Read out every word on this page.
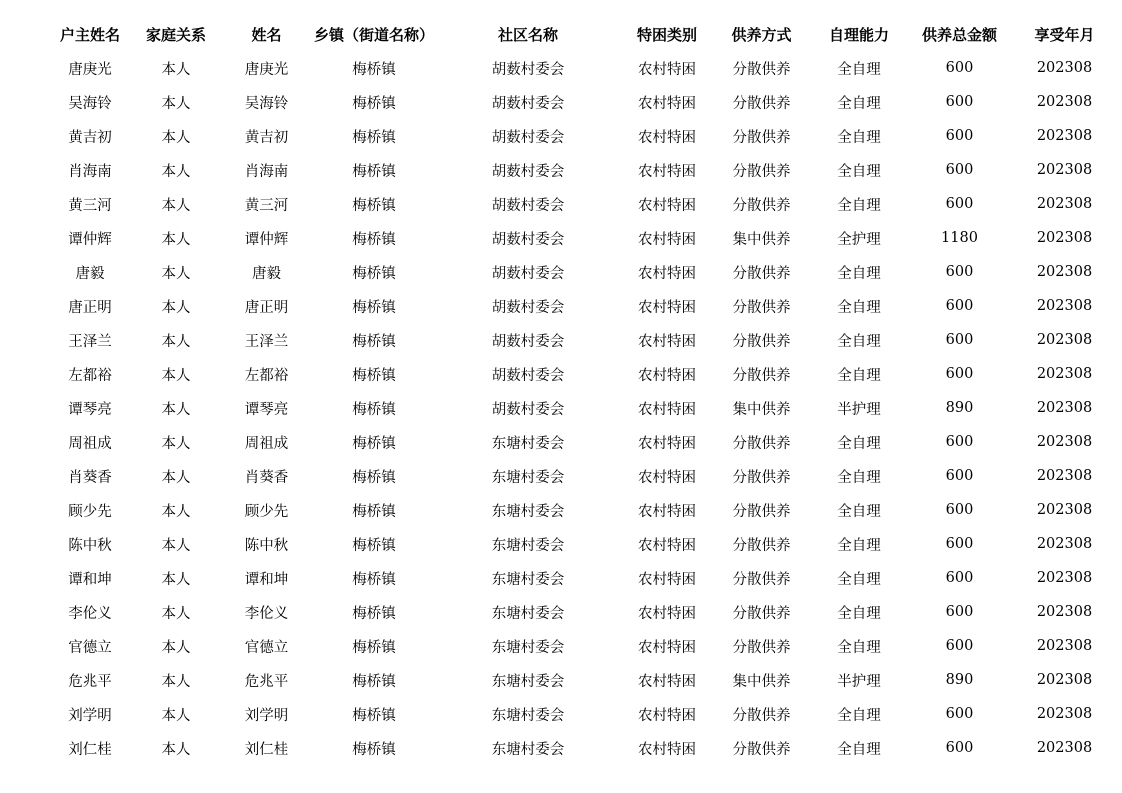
	户主姓名	家庭关系	姓名	乡镇（街道名称）	社区名称	特困类别	供养方式	自理能力	供养总金额	享受年月
	唐庚光	本人	唐庚光	梅桥镇	胡薮村委会	农村特困	分散供养	全自理	600	202308
	吴海铃	本人	吴海铃	梅桥镇	胡薮村委会	农村特困	分散供养	全自理	600	202308
	黄吉初	本人	黄吉初	梅桥镇	胡薮村委会	农村特困	分散供养	全自理	600	202308
	肖海南	本人	肖海南	梅桥镇	胡薮村委会	农村特困	分散供养	全自理	600	202308
	黄三河	本人	黄三河	梅桥镇	胡薮村委会	农村特困	分散供养	全自理	600	202308
	谭仲辉	本人	谭仲辉	梅桥镇	胡薮村委会	农村特困	集中供养	全护理	1180	202308
	唐毅	本人	唐毅	梅桥镇	胡薮村委会	农村特困	分散供养	全自理	600	202308
	唐正明	本人	唐正明	梅桥镇	胡薮村委会	农村特困	分散供养	全自理	600	202308
	王泽兰	本人	王泽兰	梅桥镇	胡薮村委会	农村特困	分散供养	全自理	600	202308
	左都裕	本人	左都裕	梅桥镇	胡薮村委会	农村特困	分散供养	全自理	600	202308
	谭琴亮	本人	谭琴亮	梅桥镇	胡薮村委会	农村特困	集中供养	半护理	890	202308
	周祖成	本人	周祖成	梅桥镇	东塘村委会	农村特困	分散供养	全自理	600	202308
	肖葵香	本人	肖葵香	梅桥镇	东塘村委会	农村特困	分散供养	全自理	600	202308
	顾少先	本人	顾少先	梅桥镇	东塘村委会	农村特困	分散供养	全自理	600	202308
	陈中秋	本人	陈中秋	梅桥镇	东塘村委会	农村特困	分散供养	全自理	600	202308
	谭和坤	本人	谭和坤	梅桥镇	东塘村委会	农村特困	分散供养	全自理	600	202308
	李伦义	本人	李伦义	梅桥镇	东塘村委会	农村特困	分散供养	全自理	600	202308
	官德立	本人	官德立	梅桥镇	东塘村委会	农村特困	分散供养	全自理	600	202308
	危兆平	本人	危兆平	梅桥镇	东塘村委会	农村特困	集中供养	半护理	890	202308
	刘学明	本人	刘学明	梅桥镇	东塘村委会	农村特困	分散供养	全自理	600	202308
	刘仁桂	本人	刘仁桂	梅桥镇	东塘村委会	农村特困	分散供养	全自理	600	202308
